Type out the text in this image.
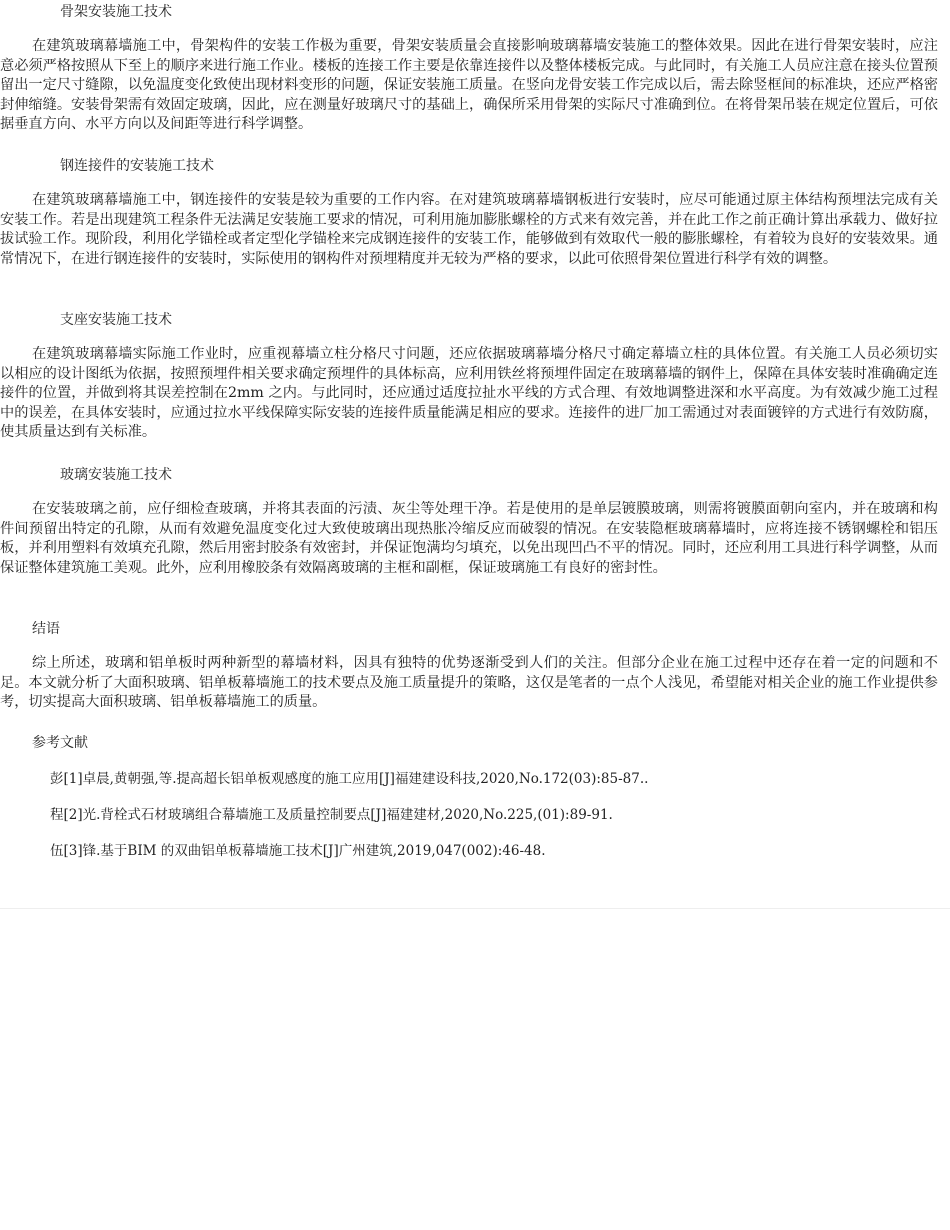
骨架安装施工技术

在建筑玻璃幕墙施工中，骨架构件的安装工作极为重要，骨架安装质量会直接影响玻璃幕墙安装施工的整体效果。因此在进行骨架安装时，应注意必须严格按照从下至上的顺序来进行施工作业。楼板的连接工作主要是依靠连接件以及整体楼板完成。与此同时，有关施工人员应注意在接头位置预留出一定尺寸缝隙，以免温度变化致使出现材料变形的问题，保证安装施工质量。在竖向龙骨安装工作完成以后，需去除竖框间的标准块，还应严格密封伸缩缝。安装骨架需有效固定玻璃，因此，应在测量好玻璃尺寸的基础上，确保所采用骨架的实际尺寸准确到位。在将骨架吊装在规定位置后，可依据垂直方向、水平方向以及间距等进行科学调整。

钢连接件的安装施工技术

在建筑玻璃幕墙施工中，钢连接件的安装是较为重要的工作内容。在对建筑玻璃幕墙钢板进行安装时，应尽可能通过原主体结构预埋法完成有关安装工作。若是出现建筑工程条件无法满足安装施工要求的情况，可利用施加膨胀螺栓的方式来有效完善，并在此工作之前正确计算出承载力、做好拉拔试验工作。现阶段，利用化学锚栓或者定型化学锚栓来完成钢连接件的安装工作，能够做到有效取代一般的膨胀螺栓，有着较为良好的安装效果。通常情况下，在进行钢连接件的安装时，实际使用的钢构件对预埋精度并无较为严格的要求，以此可依照骨架位置进行科学有效的调整。

支座安装施工技术

在建筑玻璃幕墙实际施工作业时，应重视幕墙立柱分格尺寸问题，还应依据玻璃幕墙分格尺寸确定幕墙立柱的具体位置。有关施工人员必须切实以相应的设计图纸为依据，按照预埋件相关要求确定预埋件的具体标高，应利用铁丝将预埋件固定在玻璃幕墙的钢件上，保障在具体安装时准确确定连接件的位置，并做到将其误差控制在2mm 之内。与此同时，还应通过适度拉扯水平线的方式合理、有效地调整进深和水平高度。为有效减少施工过程中的误差，在具体安装时，应通过拉水平线保障实际安装的连接件质量能满足相应的要求。连接件的进厂加工需通过对表面镀锌的方式进行有效防腐，使其质量达到有关标准。

玻璃安装施工技术

在安装玻璃之前，应仔细检查玻璃，并将其表面的污渍、灰尘等处理干净。若是使用的是单层镀膜玻璃，则需将镀膜面朝向室内，并在玻璃和构件间预留出特定的孔隙，从而有效避免温度变化过大致使玻璃出现热胀冷缩反应而破裂的情况。在安装隐框玻璃幕墙时，应将连接不锈钢螺栓和铝压板，并利用塑料有效填充孔隙，然后用密封胶条有效密封，并保证饱满均匀填充，以免出现凹凸不平的情况。同时，还应利用工具进行科学调整，从而保证整体建筑施工美观。此外，应利用橡胶条有效隔离玻璃的主框和副框，保证玻璃施工有良好的密封性。

结语

综上所述，玻璃和铝单板时两种新型的幕墙材料，因具有独特的优势逐渐受到人们的关注。但部分企业在施工过程中还存在着一定的问题和不足。本文就分析了大面积玻璃、铝单板幕墙施工的技术要点及施工质量提升的策略，这仅是笔者的一点个人浅见，希望能对相关企业的施工作业提供参考，切实提高大面积玻璃、铝单板幕墙施工的质量。

参考文献
彭[1]卓晨,黄朝强,等.提高超长铝单板观感度的施工应用[J]福建建设科技,2020,No.172(03):85-87..
程[2]光.背栓式石材玻璃组合幕墙施工及质量控制要点[J]福建建材,2020,No.225,(01):89-91.
伍[3]锋.基于BIM 的双曲铝单板幕墙施工技术[J]广州建筑,2019,047(002):46-48.
